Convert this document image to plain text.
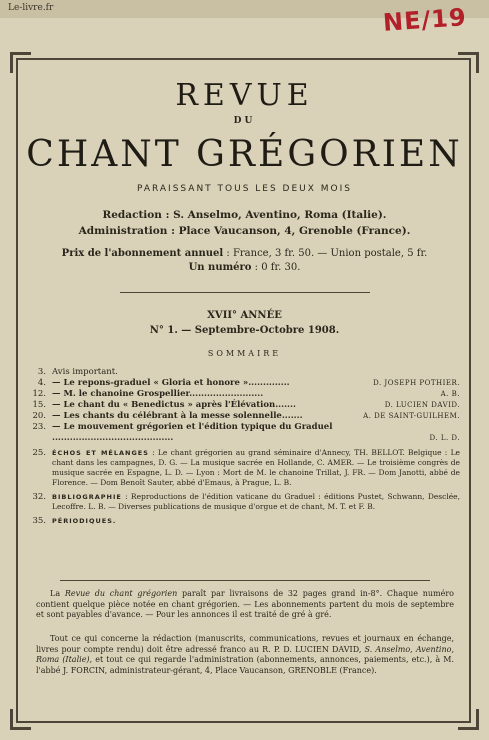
Le-livre.fr	NE/19
REVUE
DU
CHANT GRÉGORIEN
PARAISSANT TOUS LES DEUX MOIS
Redaction : S. Anselmo, Aventino, Roma (Italie).
Administration : Place Vaucanson, 4, Grenoble (France).
Prix de l'abonnement annuel : France, 3 fr. 50. — Union postale, 5 fr.
Un numéro : 0 fr. 30.
XVII° ANNÉE
N° 1. — Septembre-Octobre 1908.
SOMMAIRE
3. Avis important.
4. — Le repons-graduel « Gloria et honore »..............	D. JOSEPH POTHIER.
12. — M. le chanoine Grospellier.........................	A. B.
15. — Le chant du « Benedictus » après l'Élévation.......	D. LUCIEN DAVID.
20. — Les chants du célébrant à la messe solennelle.......	A. DE SAINT-GUILHEM.
23. — Le mouvement grégorien et l'édition typique du Graduel .........................................	D. L. D.
25. ÉCHOS ET MÉLANGES : Le chant grégorien au grand séminaire d'Annecy, TH. BELLOT. Belgique : Le chant dans les campagnes, D. G. — La musique sacrée en Hollande, C. AMER. — Le troisième congrès de musique sacrée en Espagne, L. D. — Lyon : Mort de M. le chanoine Trillat, J. FR. — Dom Janotti, abbé de Florence. — Dom Benoît Sauter, abbé d'Emaus, à Prague, L. B.
32. BIBLIOGRAPHIE : Reproductions de l'édition vaticane du Graduel : éditions Pustet, Schwann, Desclée, Lecoffre. L. B. — Diverses publications de musique d'orgue et de chant, M. T. et F. B.
35. PÉRIODIQUES.
La Revue du chant grégorien paraît par livraisons de 32 pages grand in-8°. Chaque numéro contient quelque pièce notée en chant grégorien. — Les abonnements partent du mois de septembre et sont payables d'avance. — Pour les annonces il est traité de gré à gré.
Tout ce qui concerne la rédaction (manuscrits, communications, revues et journaux en échange, livres pour compte rendu) doit être adressé franco au R. P. D. LUCIEN DAVID, S. Anselmo, Aventino, Roma (Italie), et tout ce qui regarde l'administration (abonnements, annonces, paiements, etc.), à M. l'abbé J. FORCIN, administrateur-gérant, 4, Place Vaucanson, GRENOBLE (France).
